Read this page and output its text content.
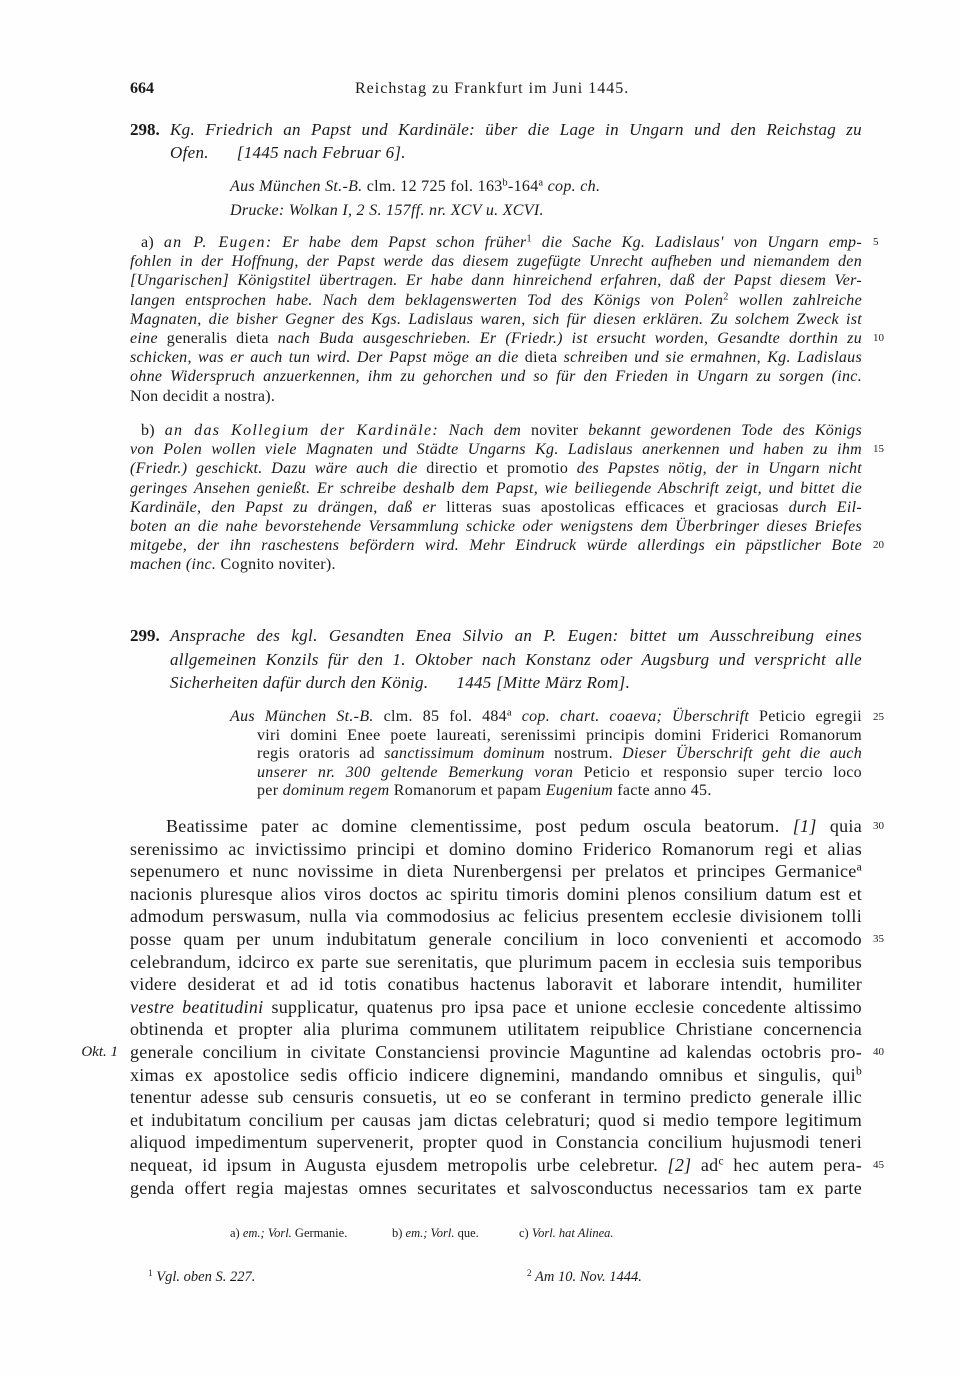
664	Reichstag zu Frankfurt im Juni 1445.
298. Kg. Friedrich an Papst und Kardinäle: über die Lage in Ungarn und den Reichstag zu
Ofen. [1445 nach Februar 6].
Aus München St.-B. clm. 12 725 fol. 163$^b$-164$^a$ cop. ch.
Drucke: Wolkan I, 2 S. 157ff. nr. XCV u. XCVI.
a) an P. Eugen: Er habe dem Papst schon früher$^1$ die Sache Kg. Ladislaus' von Ungarn emp- 5
fohlen in der Hoffnung, der Papst werde das diesem zugefügte Unrecht aufheben und niemandem den
[Ungarischen] Königstitel übertragen. Er habe dann hinreichend erfahren, daß der Papst diesem Ver-
langen entsprochen habe. Nach dem beklagenswerten Tod des Königs von Polen$^2$ wollen zahlreiche
Magnaten, die bisher Gegner des Kgs. Ladislaus waren, sich für diesen erklären. Zu solchem Zweck ist
eine generalis dieta nach Buda ausgeschrieben. Er (Friedr.) ist ersucht worden, Gesandte dorthin zu 10
schicken, was er auch tun wird. Der Papst möge an die dieta schreiben und sie ermahnen, Kg. Ladislaus
ohne Widerspruch anzuerkennen, ihm zu gehorchen und so für den Frieden in Ungarn zu sorgen (inc.
Non decidit a nostra).
b) an das Kollegium der Kardinäle: Nach dem noviter bekannt gewordenen Tode des Königs
von Polen wollen viele Magnaten und Städte Ungarns Kg. Ladislaus anerkennen und haben zu ihm 15
(Friedr.) geschickt. Dazu wäre auch die directio et promotio des Papstes nötig, der in Ungarn nicht
geringes Ansehen genießt. Er schreibe deshalb dem Papst, wie beiliegende Abschrift zeigt, und bittet die
Kardinäle, den Papst zu drängen, daß er litteras suas apostolicas efficaces et graciosas durch Eil-
boten an die nahe bevorstehende Versammlung schicke oder wenigstens dem Überbringer dieses Briefes
mitgebe, der ihn raschestens befördern wird. Mehr Eindruck würde allerdings ein päpstlicher Bote 20
machen (inc. Cognito noviter).
299. Ansprache des kgl. Gesandten Enea Silvio an P. Eugen: bittet um Ausschreibung eines
allgemeinen Konzils für den 1. Oktober nach Konstanz oder Augsburg und verspricht alle
Sicherheiten dafür durch den König. 1445 [Mitte März Rom].
Aus München St.-B. clm. 85 fol. 484$^a$ cop. chart. coaeva; Überschrift Peticio egregii 25
viri domini Enee poete laureati, serenissimi principis domini Friderici Romanorum
regis oratoris ad sanctissimum dominum nostrum. Dieser Überschrift geht die auch
unserer nr. 300 geltende Bemerkung voran Peticio et responsio super tercio loco
per dominum regem Romanorum et papam Eugenium facte anno 45.
Beatissime pater ac domine clementissime, post pedum oscula beatorum. [1] quia 30
serenissimo ac invictissimo principi et domino domino Friderico Romanorum regi et alias
sepenumero et nunc novissime in dieta Nurenbergensi per prelatos et principes Germanice$^a$
nacionis pluresque alios viros doctos ac spiritu timoris domini plenos consilium datum est et
admodum perswasum, nulla via commodosius ac felicius presentem ecclesie divisionem tolli
posse quam per unum indubitatum generale concilium in loco convenienti et accomodo 35
celebrandum, idcirco ex parte sue serenitatis, que plurimum pacem in ecclesia suis temporibus
videre desiderat et ad id totis conatibus hactenus laboravit et laborare intendit, humiliter
vestre beatitudini supplicatur, quatenus pro ipsa pace et unione ecclesie concedente altissimo
obtinenda et propter alia plurima communem utilitatem reipublice Christiane concernencia
generale concilium in civitate Constanciensi provincie Maguntine ad kalendas octobris pro- 40
Okt. 1
ximas ex apostolice sedis officio indicere dignemini, mandando omnibus et singulis, qui$^b$
tenentur adesse sub censuris consuetis, ut eo se conferant in termino predicto generale illic
et indubitatum concilium per causas jam dictas celebraturi; quod si medio tempore legitimum
aliquod impedimentum supervenerit, propter quod in Constancia concilium hujusmodi teneri
nequeat, id ipsum in Augusta ejusdem metropolis urbe celebretur. [2] $ad^c$ hec autem pera- 45
genda offert regia majestas omnes securitates et salvosconductus necessarios tam ex parte
a) em.; Vorl. Germanie.	b) em.; Vorl. que.	c) Vorl. hat Alinea.
$^1$ Vgl. oben S. 227.	$^2$ Am 10. Nov. 1444.
